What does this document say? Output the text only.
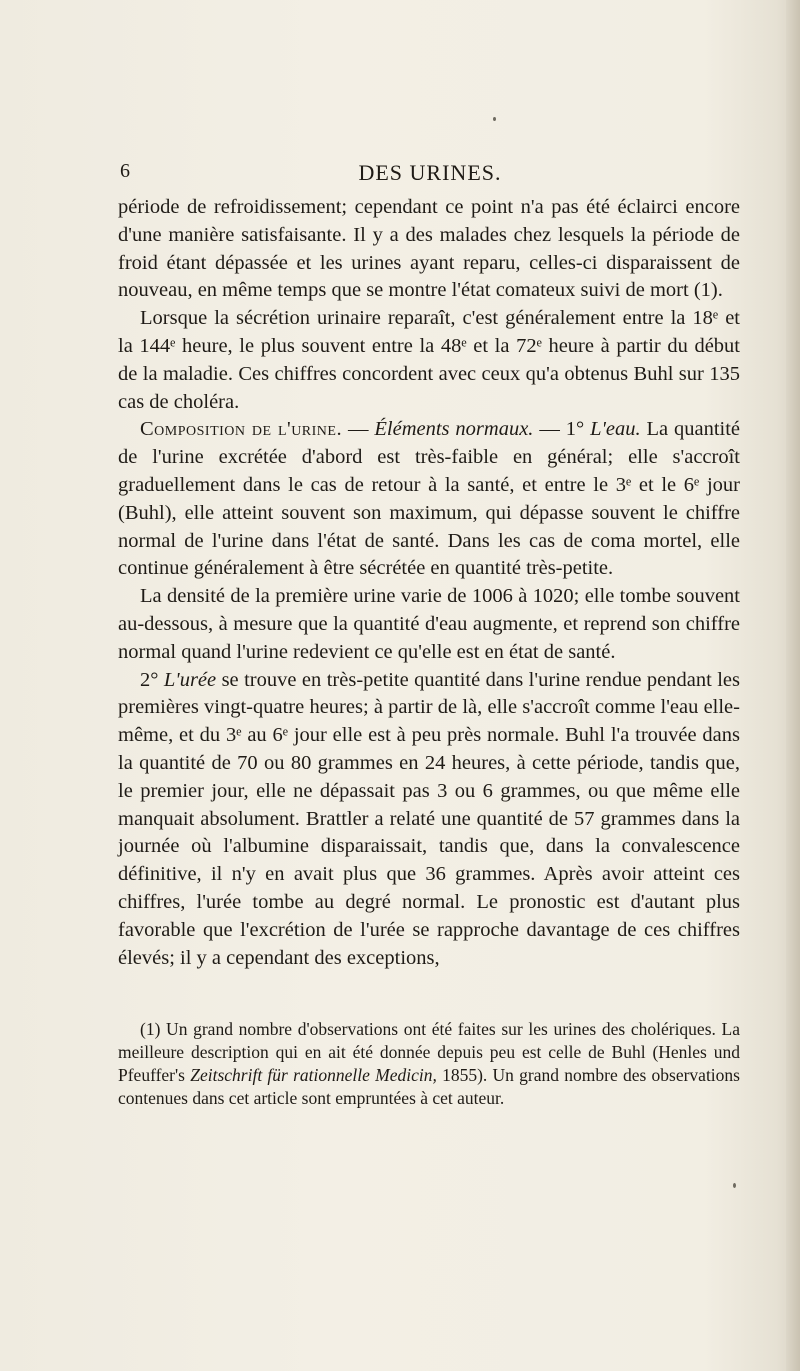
6	DES URINES.

période de refroidissement; cependant ce point n'a pas été éclairci encore d'une manière satisfaisante. Il y a des malades chez lesquels la période de froid étant dépassée et les urines ayant reparu, celles-ci disparaissent de nouveau, en même temps que se montre l'état comateux suivi de mort (1).

Lorsque la sécrétion urinaire reparaît, c'est généralement entre la 18ᵉ et la 144ᵉ heure, le plus souvent entre la 48ᵉ et la 72ᵉ heure à partir du début de la maladie. Ces chiffres concordent avec ceux qu'a obtenus Buhl sur 135 cas de choléra.

Composition de l'urine. — Éléments normaux. — 1° L'eau. La quantité de l'urine excrétée d'abord est très-faible en général; elle s'accroît graduellement dans le cas de retour à la santé, et entre le 3ᵉ et le 6ᵉ jour (Buhl), elle atteint souvent son maximum, qui dépasse souvent le chiffre normal de l'urine dans l'état de santé. Dans les cas de coma mortel, elle continue généralement à être sécrétée en quantité très-petite.

La densité de la première urine varie de 1006 à 1020; elle tombe souvent au-dessous, à mesure que la quantité d'eau augmente, et reprend son chiffre normal quand l'urine redevient ce qu'elle est en état de santé.

2° L'urée se trouve en très-petite quantité dans l'urine rendue pendant les premières vingt-quatre heures; à partir de là, elle s'accroît comme l'eau elle-même, et du 3ᵉ au 6ᵉ jour elle est à peu près normale. Buhl l'a trouvée dans la quantité de 70 ou 80 grammes en 24 heures, à cette période, tandis que, le premier jour, elle ne dépassait pas 3 ou 6 grammes, ou que même elle manquait absolument. Brattler a relaté une quantité de 57 grammes dans la journée où l'albumine disparaissait, tandis que, dans la convalescence définitive, il n'y en avait plus que 36 grammes. Après avoir atteint ces chiffres, l'urée tombe au degré normal. Le pronostic est d'autant plus favorable que l'excrétion de l'urée se rapproche davantage de ces chiffres élevés; il y a cependant des exceptions,

(1) Un grand nombre d'observations ont été faites sur les urines des cholériques. La meilleure description qui en ait été donnée depuis peu est celle de Buhl (Henles und Pfeuffer's Zeitschrift für rationnelle Medicin, 1855). Un grand nombre des observations contenues dans cet article sont empruntées à cet auteur.
